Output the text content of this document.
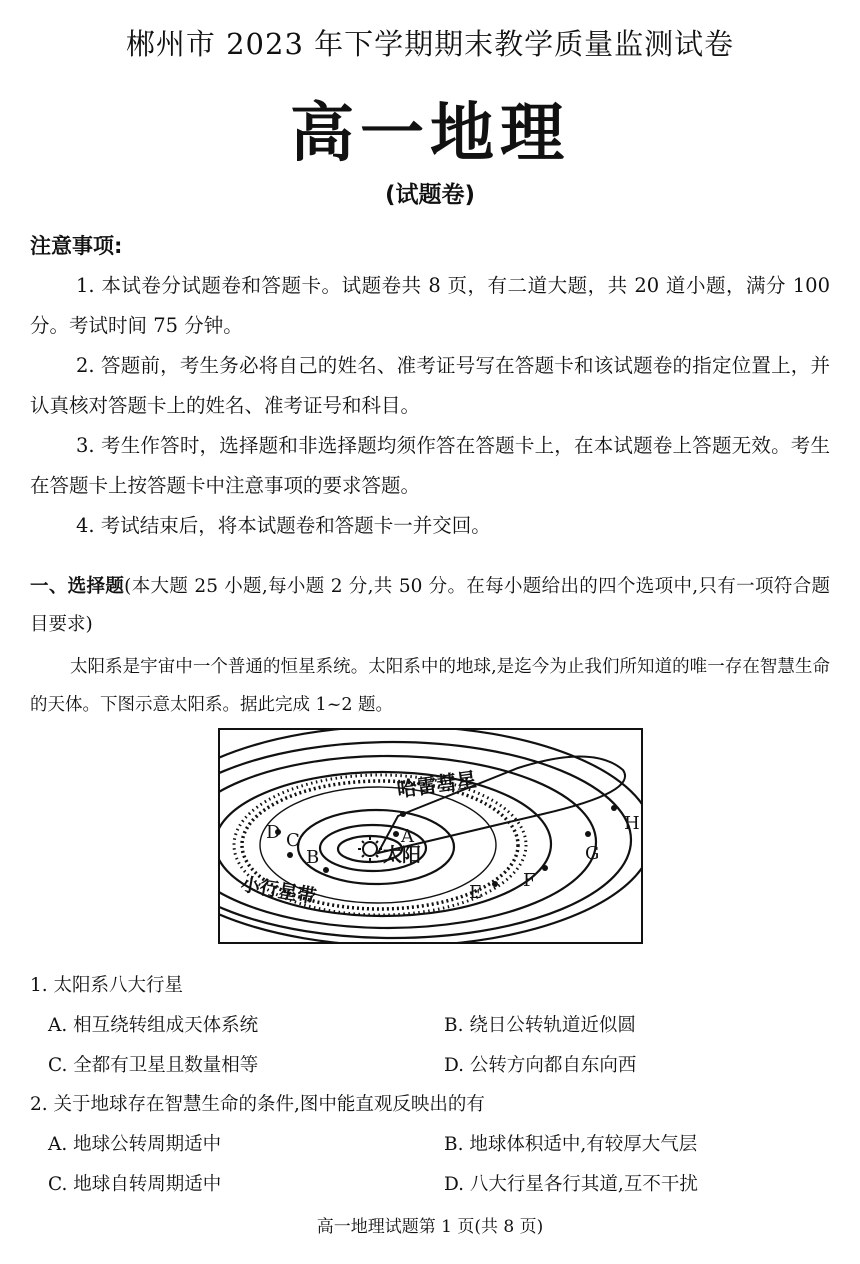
郴州市 2023 年下学期期末教学质量监测试卷
高一地理
(试题卷)
注意事项:
1. 本试卷分试题卷和答题卡。试题卷共 8 页，有二道大题，共 20 道小题，满分 100 分。考试时间 75 分钟。
2. 答题前，考生务必将自己的姓名、准考证号写在答题卡和该试题卷的指定位置上，并认真核对答题卡上的姓名、准考证号和科目。
3. 考生作答时，选择题和非选择题均须作答在答题卡上，在本试题卷上答题无效。考生在答题卡上按答题卡中注意事项的要求答题。
4. 考试结束后，将本试题卷和答题卡一并交回。
一、选择题(本大题 25 小题,每小题 2 分,共 50 分。在每小题给出的四个选项中,只有一项符合题目要求)
太阳系是宇宙中一个普通的恒星系统。太阳系中的地球,是迄今为止我们所知道的唯一存在智慧生命的天体。下图示意太阳系。据此完成 1~2 题。
哈雷彗星
太阳
小行星带
A
B
C
D
E
F
G
H
1. 太阳系八大行星
A. 相互绕转组成天体系统	B. 绕日公转轨道近似圆
C. 全都有卫星且数量相等	D. 公转方向都自东向西
2. 关于地球存在智慧生命的条件,图中能直观反映出的有
A. 地球公转周期适中	B. 地球体积适中,有较厚大气层
C. 地球自转周期适中	D. 八大行星各行其道,互不干扰
高一地理试题第 1 页(共 8 页)
